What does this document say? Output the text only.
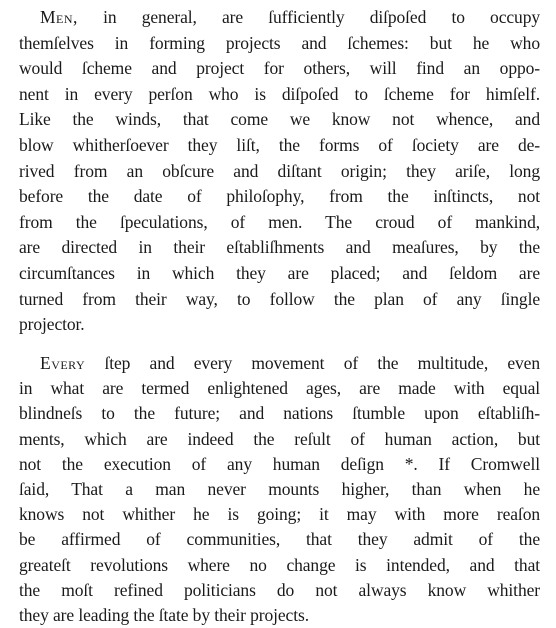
Men, in general, are ſufficiently diſpoſed to occupy
themſelves in forming projects and ſchemes: but he who
would ſcheme and project for others, will find an oppo-
nent in every perſon who is diſpoſed to ſcheme for himſelf.
Like the winds, that come we know not whence, and
blow whitherſoever they liſt, the forms of ſociety are de-
rived from an obſcure and diſtant origin; they ariſe, long
before the date of philoſophy, from the inſtincts, not
from the ſpeculations, of men. The croud of mankind,
are directed in their eſtabliſhments and meaſures, by the
circumſtances in which they are placed; and ſeldom are
turned from their way, to follow the plan of any ſingle
projector.
Every ſtep and every movement of the multitude, even
in what are termed enlightened ages, are made with equal
blindneſs to the future; and nations ſtumble upon eſtabliſh-
ments, which are indeed the reſult of human action, but
not the execution of any human deſign *. If Cromwell
ſaid, That a man never mounts higher, than when he
knows not whither he is going; it may with more reaſon
be affirmed of communities, that they admit of the
greateſt revolutions where no change is intended, and that
the moſt refined politicians do not always know whither
they are leading the ſtate by their projects.
